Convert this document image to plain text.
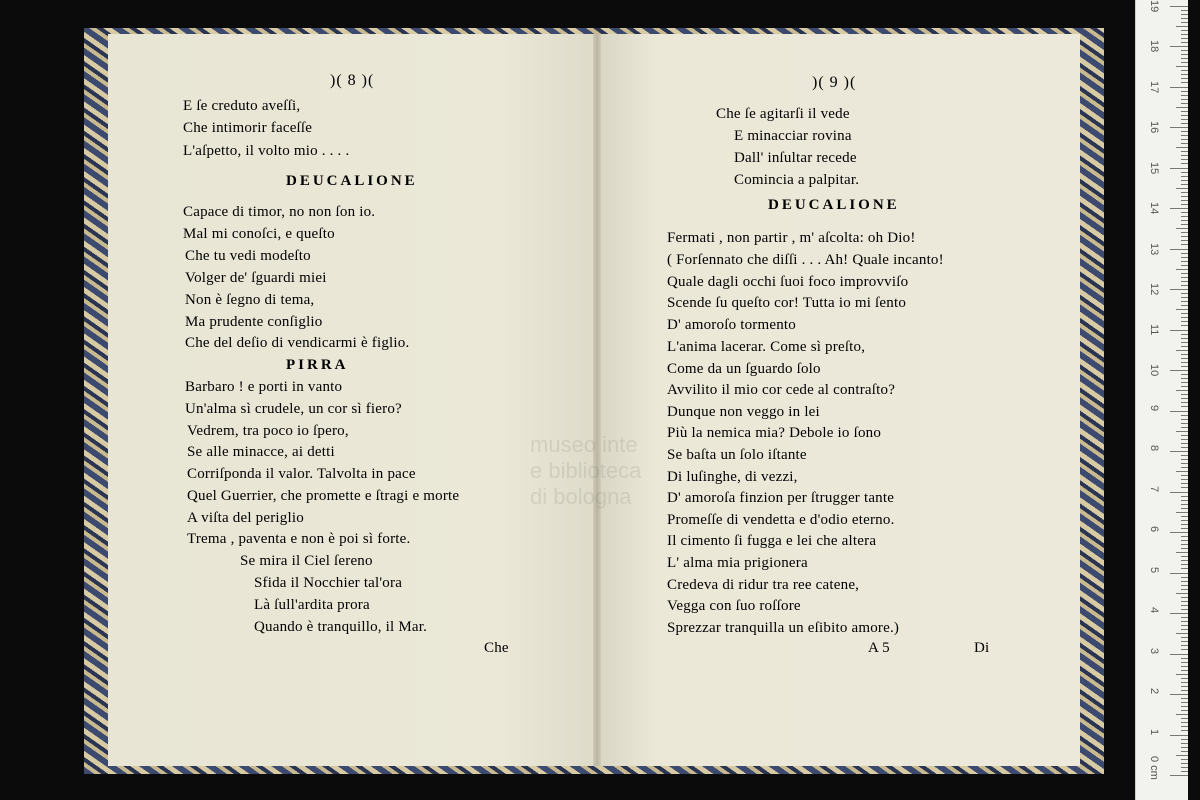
)( 8 )(
E ſe creduto aveſſi,
Che intimorir faceſſe
L'aſpetto, il volto mio . . . .
DEUCALIONE
Capace di timor, no non ſon io.
Mal mi conoſci, e queſto
Che tu vedi modeſto
Volger de' ſguardi miei
Non è ſegno di tema,
Ma prudente conſiglio
Che del deſio di vendicarmi è figlio.
PIRRA
Barbaro ! e porti in vanto
Un'alma sì crudele, un cor sì fiero?
Vedrem, tra poco io ſpero,
Se alle minacce, ai detti
Corriſponda il valor. Talvolta in pace
Quel Guerrier, che promette e ſtragi e morte
A viſta del periglio
Trema , paventa e non è poi sì forte.
Se mira il Ciel ſereno
Sfida il Nocchier tal'ora
Là ſull'ardita prora
Quando è tranquillo, il Mar.
Che
)( 9 )(
Che ſe agitarſi il vede
E minacciar rovina
Dall' inſultar recede
Comincia a palpitar.
DEUCALIONE
Fermati , non partir , m' aſcolta: oh Dio!
( Forſennato che diſſi . . . Ah! Quale incanto!
Quale dagli occhi ſuoi foco improvviſo
Scende ſu queſto cor! Tutta io mi ſento
D' amoroſo tormento
L'anima lacerar. Come sì preſto,
Come da un ſguardo ſolo
Avvilito il mio cor cede al contraſto?
Dunque non veggo in lei
Più la nemica mia? Debole io ſono
Se baſta un ſolo iſtante
Di luſinghe, di vezzi,
D' amoroſa finzion per ſtrugger tante
Promeſſe di vendetta e d'odio eterno.
Il cimento ſi fugga e lei che altera
L' alma mia prigionera
Credeva di ridur tra ree catene,
Vegga con ſuo roſſore
Sprezzar tranquilla un eſibito amore.)
A 5	Di
museo inte
e biblioteca
di bologna
0 cm
1
2
3
4
5
6
7
8
9
10
11
12
13
14
15
16
17
18
19
